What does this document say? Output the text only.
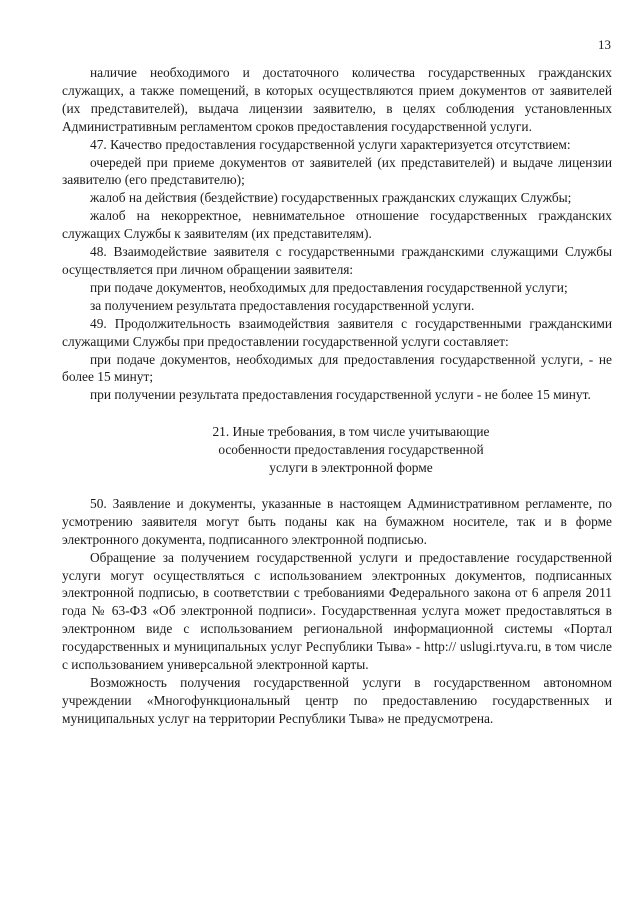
13

наличие необходимого и достаточного количества государственных гражданских служащих, а также помещений, в которых осуществляются прием документов от заявителей (их представителей), выдача лицензии заявителю, в целях соблюдения установленных Административным регламентом сроков предоставления государственной услуги.

47. Качество предоставления государственной услуги характеризуется отсутствием:

очередей при приеме документов от заявителей (их представителей) и выдаче лицензии заявителю (его представителю);

жалоб на действия (бездействие) государственных гражданских служащих Службы;

жалоб на некорректное, невнимательное отношение государственных гражданских служащих Службы к заявителям (их представителям).

48. Взаимодействие заявителя с государственными гражданскими служащими Службы осуществляется при личном обращении заявителя:

при подаче документов, необходимых для предоставления государственной услуги;

за получением результата предоставления государственной услуги.

49. Продолжительность взаимодействия заявителя с государственными гражданскими служащими Службы при предоставлении государственной услуги составляет:

при подаче документов, необходимых для предоставления государственной услуги, - не более 15 минут;

при получении результата предоставления государственной услуги - не более 15 минут.

21. Иные требования, в том числе учитывающие
особенности предоставления государственной
услуги в электронной форме

50. Заявление и документы, указанные в настоящем Административном регламенте, по усмотрению заявителя могут быть поданы как на бумажном носителе, так и в форме электронного документа, подписанного электронной подписью.

Обращение за получением государственной услуги и предоставление государственной услуги могут осуществляться с использованием электронных документов, подписанных электронной подписью, в соответствии с требованиями Федерального закона от 6 апреля 2011 года № 63-ФЗ «Об электронной подписи». Государственная услуга может предоставляться в электронном виде с использованием региональной информационной системы «Портал государственных и муниципальных услуг Республики Тыва» - http:// uslugi.rtyva.ru, в том числе с использованием универсальной электронной карты.

Возможность получения государственной услуги в государственном автономном учреждении «Многофункциональный центр по предоставлению государственных и муниципальных услуг на территории Республики Тыва» не предусмотрена.
